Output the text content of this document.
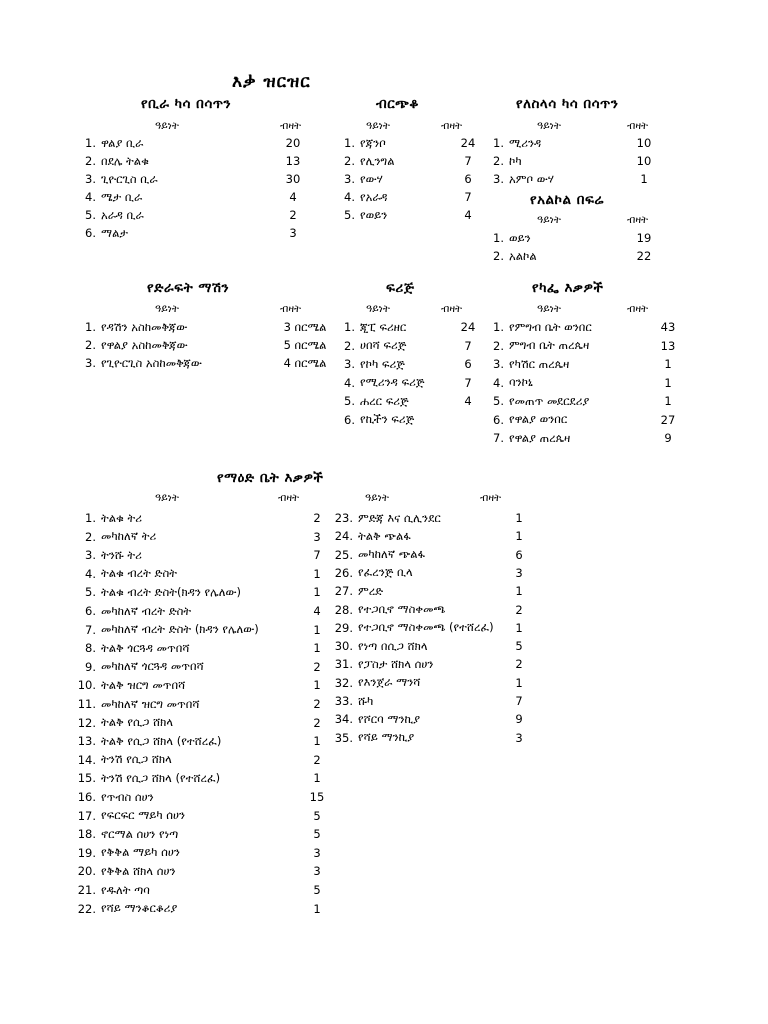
እቃ ዝርዝር
የቢራ ካሳ በሳጥን
ዓይነት	ብዛት
1. ዋልያ ቢራ	20
2. በደሌ ትልቁ	13
3. ጊዮርጊስ ቢራ	30
4. ሜታ ቢራ	4
5. አራዳ ቢራ	2
6. ማልታ	3
ብርጭቆ
ዓይነት	ብዛት
1. የጃንቦ	24
2. የሊንግል	7
3. የውሃ	6
4. የአራዳ	7
5. የወይን	4
የለስላሳ ካሳ በሳጥን
ዓይነት	ብዛት
1. ሚሪንዳ	10
2. ኮካ	10
3. አምቦ ውሃ	1
የአልኮል በፍሬ
ዓይነት	ብዛት
1. ወይን	19
2. አልኮል	22
የድራፍት ማሽን
ዓይነት	ብዛት
1. የዳሽን አስከመቅጃው	3 በርሜል
2. የዋልያ አስከመቅጃው	5 በርሜል
3. የጊዮርጊስ አስከመቅጃው	4 በርሜል
ፍሪጅ
ዓይነት	ብዛት
1. ጂፒ ፍሪዘር	24
2. ሀበሻ ፍሪጅ	7
3. የኮካ ፍሪጅ	6
4. የሚሪንዳ ፍሪጅ	7
5. ሐረር ፍሪጅ	4
6. የኪችን ፍሪጅ
የካፌ እቃዎች
ዓይነት	ብዛት
1. የምግብ ቤት ወንበር	43
2. ምግብ ቤት ጠረጴዛ	13
3. የካሽር ጠረጴዛ	1
4. ባንኮኒ	1
5. የመጠጥ መደርደሪያ	1
6. የዋልያ ወንበር	27
7. የዋልያ ጠረጴዛ	9
የማዕድ ቤት እቃዎች
ዓይነት	ብዛት	ዓይነት	ብዛት
1. ትልቁ ትሪ	2
2. መካከለኛ ትሪ	3
3. ትንሹ ትሪ	7
4. ትልቁ ብረት ድስት	1
5. ትልቁ ብረት ድስት(ክዳን የሌለው)	1
6. መካከለኛ ብረት ድስት	4
7. መካከለኛ ብረት ድስት (ክዳን የሌለው)	1
8. ትልቅ ጎርጓዳ መጥበሻ	1
9. መካከለኛ ጎርጓዳ መጥበሻ	2
10. ትልቅ ዝርግ መጥበሻ	1
11. መካከለኛ ዝርግ መጥበሻ	2
12. ትልቅ የሲጋ ሸክላ	2
13. ትልቅ የሲጋ ሸክላ (የተሸረፈ)	1
14. ትንሽ የሲጋ ሸክላ	2
15. ትንሽ የሲጋ ሸክላ (የተሸረፈ)	1
16. የጥብስ ሰሀን	15
17. የፍርፍር ማይካ ሰሀን	5
18. ኖርማል ሰሀን የነጣ	5
19. የቅቅል ማይካ ሰሀን	3
20. የቅቅል ሸክላ ሰሀን	3
21. የዱለት ጣባ	5
22. የሻይ ማንቆርቆሪያ	1
23. ምድጃ እና ሲሊንደር	1
24. ትልቅ ጭልፋ	1
25. መካከለኛ ጭልፋ	6
26. የፈረንጅ ቢላ	3
27. ምረድ	1
28. የተጋቢኖ ማስቀመጫ	2
29. የተጋቢኖ ማስቀመጫ (የተሸረፈ)	1
30. የነጣ በሲጋ ሸክላ	5
31. የፓስታ ሸክላ ሰሀን	2
32. የእንጀራ ማንሻ	1
33. ሹካ	7
34. የሾርባ ማንኪያ	9
35. የሻይ ማንኪያ	3
